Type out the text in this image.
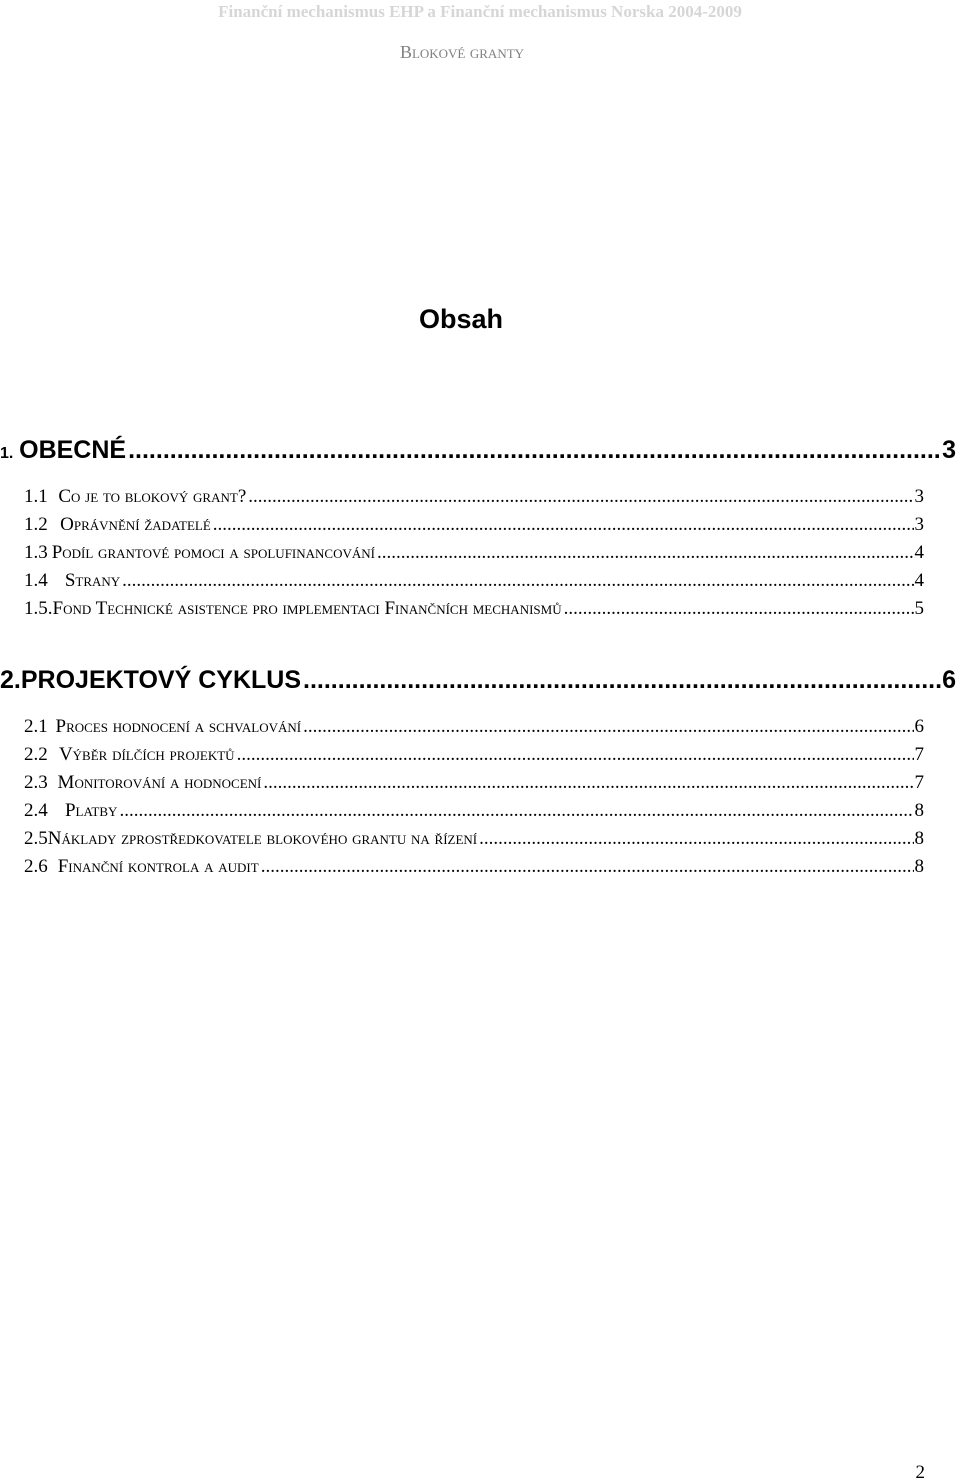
Finanční mechanismus EHP a Finanční mechanismus Norska 2004-2009
Blokové granty
Obsah
1. OBECNÉ .....	3
1.1 Co je to blokový grant? .....	3
1.2 Oprávnění žadatelé .....	3
1.3 Podíl grantové pomoci a spolufinancování .....	4
1.4 Strany .....	4
1.5. Fond Technické asistence pro implementaci Finančních mechanismů .....	5
2. PROJEKTOVÝ CYKLUS .....	6
2.1 Proces hodnocení a schvalování .....	6
2.2 Výběr dílčích projektů .....	7
2.3 Monitorování a hodnocení .....	7
2.4 Platby .....	8
2.5 Náklady zprostředkovatele blokového grantu na řízení .....	8
2.6 Finanční kontrola a audit .....	8
2
